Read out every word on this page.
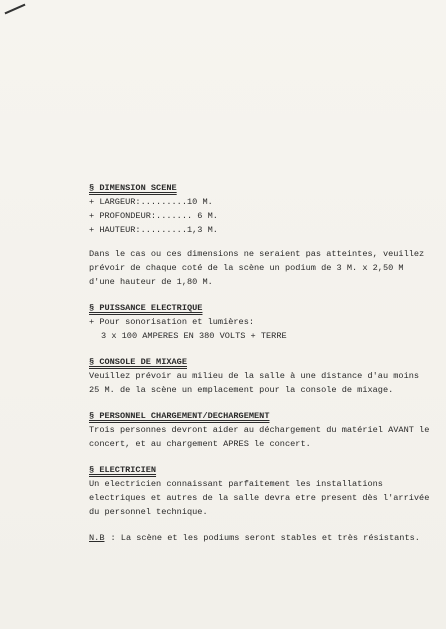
§ DIMENSION SCENE

+ LARGEUR:.........10 M.
+ PROFONDEUR:....... 6 M.
+ HAUTEUR:.........1,3 M.

Dans le cas ou ces dimensions ne seraient pas atteintes, veuillez prévoir de chaque coté de la scène un podium de 3 M. x 2,50 M d'une hauteur de 1,80 M.

§ PUISSANCE ELECTRIQUE

+ Pour sonorisation et lumières:

3 x 100 AMPERES EN 380 VOLTS + TERRE

§ CONSOLE DE MIXAGE

Veuillez prévoir au milieu de la salle à une distance d'au moins 25 M. de la scène un emplacement pour la console de mixage.

§ PERSONNEL CHARGEMENT/DECHARGEMENT

Trois personnes devront aider au déchargement du matériel AVANT le concert, et au chargement APRES le concert.

§ ELECTRICIEN

Un electricien connaissant parfaitement les installations electriques et autres de la salle devra etre present dès l'arrivée du personnel technique.

N.B : La scène et les podiums seront stables et très résistants.
